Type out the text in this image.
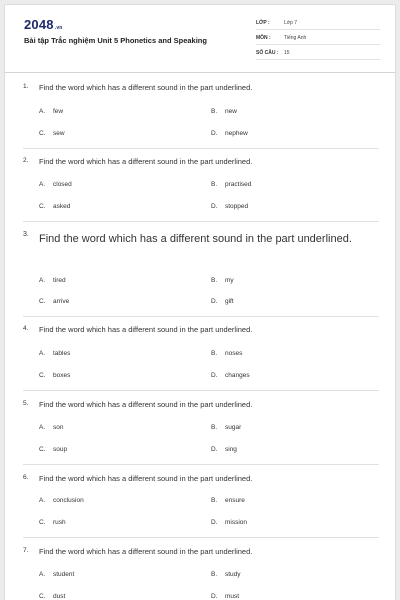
2048.vn
Bài tập Trắc nghiệm Unit 5 Phonetics and Speaking
LỚP :	Lớp 7
MÔN :	Tiếng Anh
SỐ CÂU : 15
1. Find the word which has a different sound in the part underlined.
A. few	B. new
C. sew	D. nephew
2. Find the word which has a different sound in the part underlined.
A. closed	B. practised
C. asked	D. stopped
3. Find the word which has a different sound in the part underlined.
A. tired	B. my
C. arrive	D. gift
4. Find the word which has a different sound in the part underlined.
A. tables	B. noses
C. boxes	D. changes
5. Find the word which has a different sound in the part underlined.
A. son	B. sugar
C. soup	D. sing
6. Find the word which has a different sound in the part underlined.
A. conclusion	B. ensure
C. rush	D. mission
7. Find the word which has a different sound in the part underlined.
A. student	B. study
C. dust	D. must
